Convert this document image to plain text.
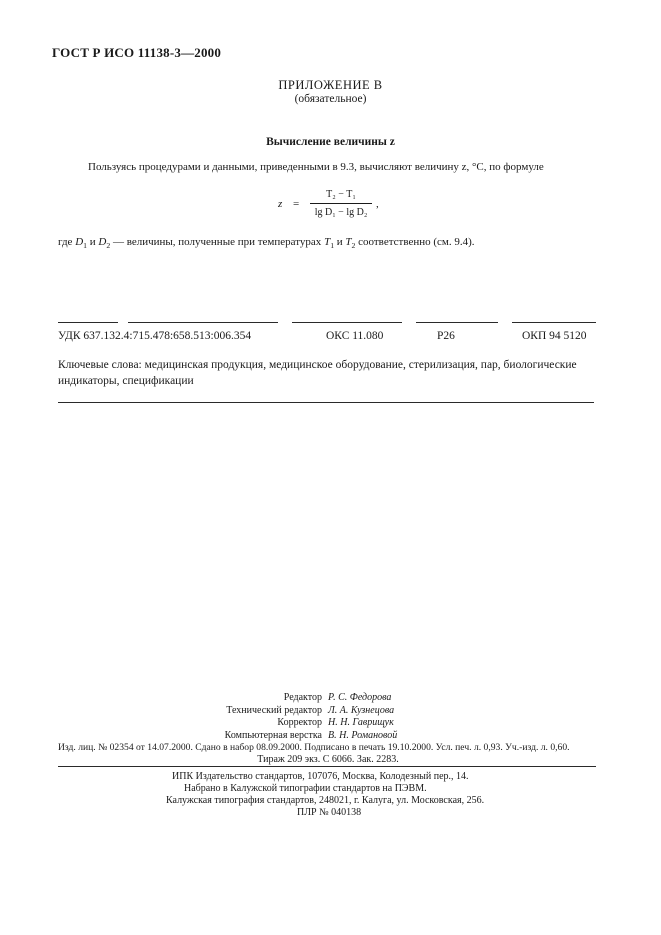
ГОСТ Р ИСО 11138-3—2000
ПРИЛОЖЕНИЕ В
(обязательное)
Вычисление величины z
Пользуясь процедурами и данными, приведенными в 9.3, вычисляют величину z, °С, по формуле
z =
T₂ − T₁
lg D₁ − lg D₂
,
где $D_1$ и $D_2$ — величины, полученные при температурах $T_1$ и $T_2$ соответственно (см. 9.4).
УДК 637.132.4:715.478:658.513:006.354	ОКС 11.080	Р26	ОКП 94 5120
Ключевые слова: медицинская продукция, медицинское оборудование, стерилизация, пар, биологические индикаторы, спецификации
Редактор Р. С. Федорова
Технический редактор Л. А. Кузнецова
Корректор Н. Н. Гаврищук
Компьютерная верстка В. Н. Романовой
Изд. лиц. № 02354 от 14.07.2000. Сдано в набор 08.09.2000. Подписано в печать 19.10.2000. Усл. печ. л. 0,93. Уч.-изд. л. 0,60.
Тираж 209 экз. С 6066. Зак. 2283.
ИПК Издательство стандартов, 107076, Москва, Колодезный пер., 14.
Набрано в Калужской типографии стандартов на ПЭВМ.
Калужская типография стандартов, 248021, г. Калуга, ул. Московская, 256.
ПЛР № 040138
